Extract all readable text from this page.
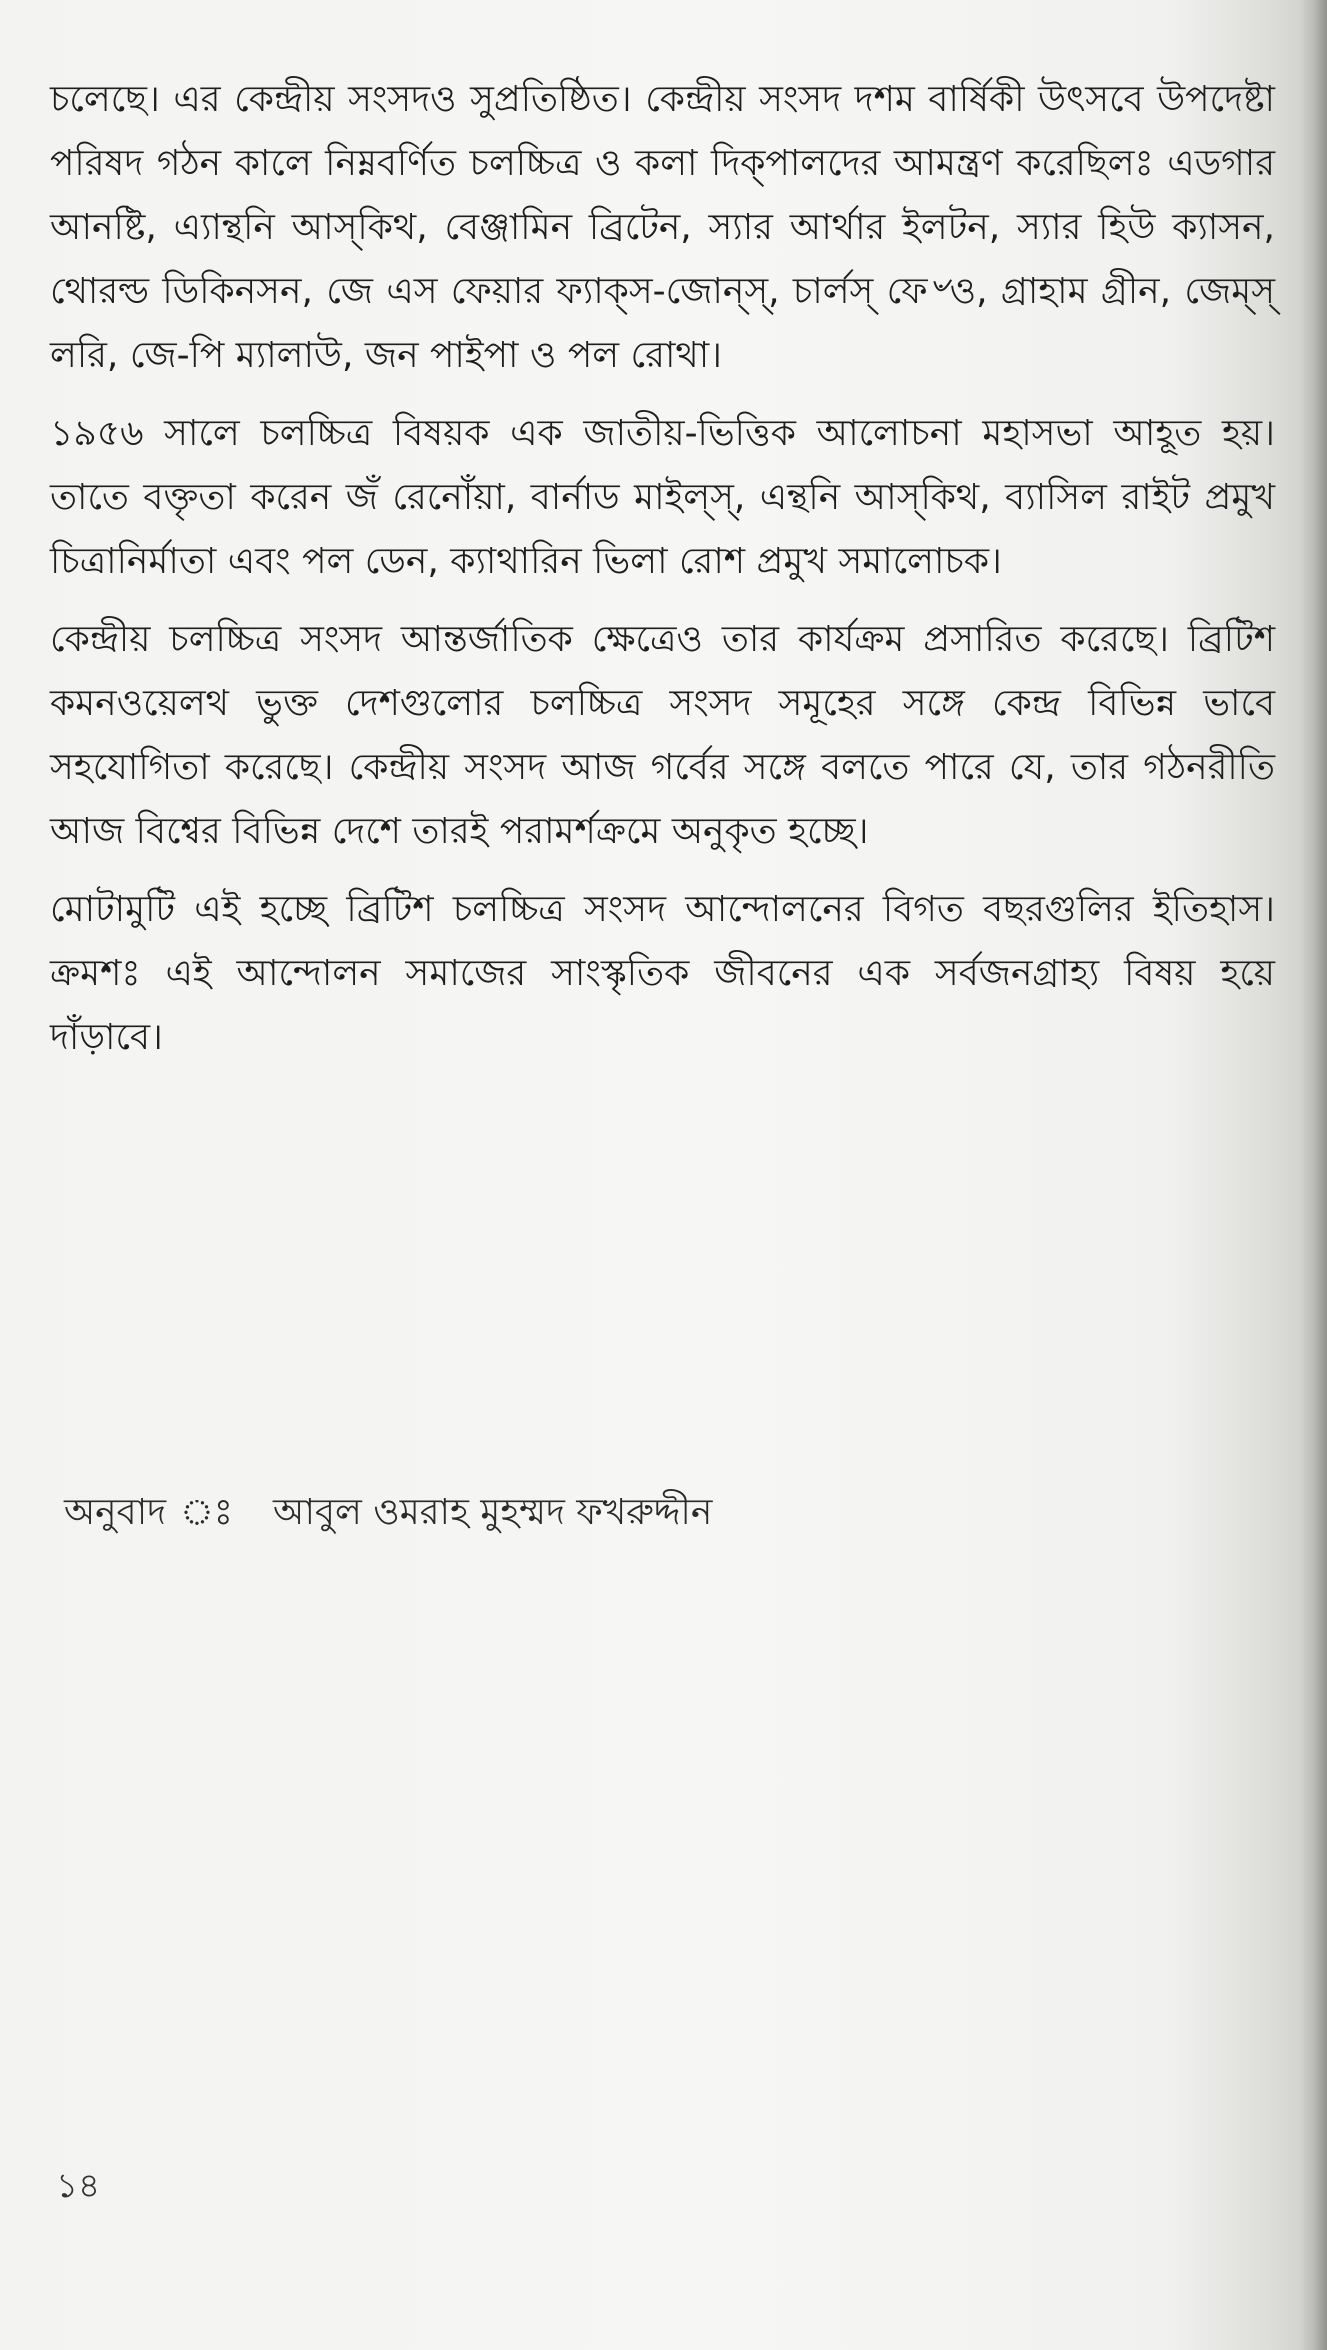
চলেছে। এর কেন্দ্রীয় সংসদও সুপ্রতিষ্ঠিত। কেন্দ্রীয় সংসদ দশম বার্ষিকী উৎসবে উপদেষ্টা পরিষদ গঠন কালে নিম্নবর্ণিত চলচ্চিত্র ও কলা দিক্‌পালদের আমন্ত্রণ করেছিলঃ এডগার আনষ্টি, এ্যান্থনি আস্‌কিথ, বেঞ্জামিন ব্রিটেন, স্যার আর্থার ইলটন, স্যার হিউ ক্যাসন, থোরল্ড ডিকিনসন, জে এস ফেয়ার ফ্যাক্‌স-জোন্‌স্‌, চার্লস্‌ ফে৺ও, গ্রাহাম গ্রীন, জেম্‌স্‌ লরি, জে-পি ম্যালাউ, জন পাইপা ও পল রোথা।

১৯৫৬ সালে চলচ্চিত্র বিষয়ক এক জাতীয়-ভিত্তিক আলোচনা মহাসভা আহূত হয়। তাতে বক্তৃতা করেন জঁ রেনোঁয়া, বার্নাড মাইল্‌স্‌, এন্থনি আস্‌কিথ, ব্যাসিল রাইট প্রমুখ চিত্রানির্মাতা এবং পল ডেন, ক্যাথারিন ভিলা রোশ প্রমুখ সমালোচক।

কেন্দ্রীয় চলচ্চিত্র সংসদ আন্তর্জাতিক ক্ষেত্রেও তার কার্যক্রম প্রসারিত করেছে। ব্রিটিশ কমনওয়েলথ ভুক্ত দেশগুলোর চলচ্চিত্র সংসদ সমূহের সঙ্গে কেন্দ্র বিভিন্ন ভাবে সহযোগিতা করেছে। কেন্দ্রীয় সংসদ আজ গর্বের সঙ্গে বলতে পারে যে, তার গঠনরীতি আজ বিশ্বের বিভিন্ন দেশে তারই পরামর্শক্রমে অনুকৃত হচ্ছে।

মোটামুটি এই হচ্ছে ব্রিটিশ চলচ্চিত্র সংসদ আন্দোলনের বিগত বছরগুলির ইতিহাস। ক্রমশঃ এই আন্দোলন সমাজের সাংস্কৃতিক জীবনের এক সর্বজনগ্রাহ্য বিষয় হয়ে দাঁড়াবে।

অনুবাদ ঃ আবুল ওমরাহ মুহম্মদ ফখরুদ্দীন
১৪
